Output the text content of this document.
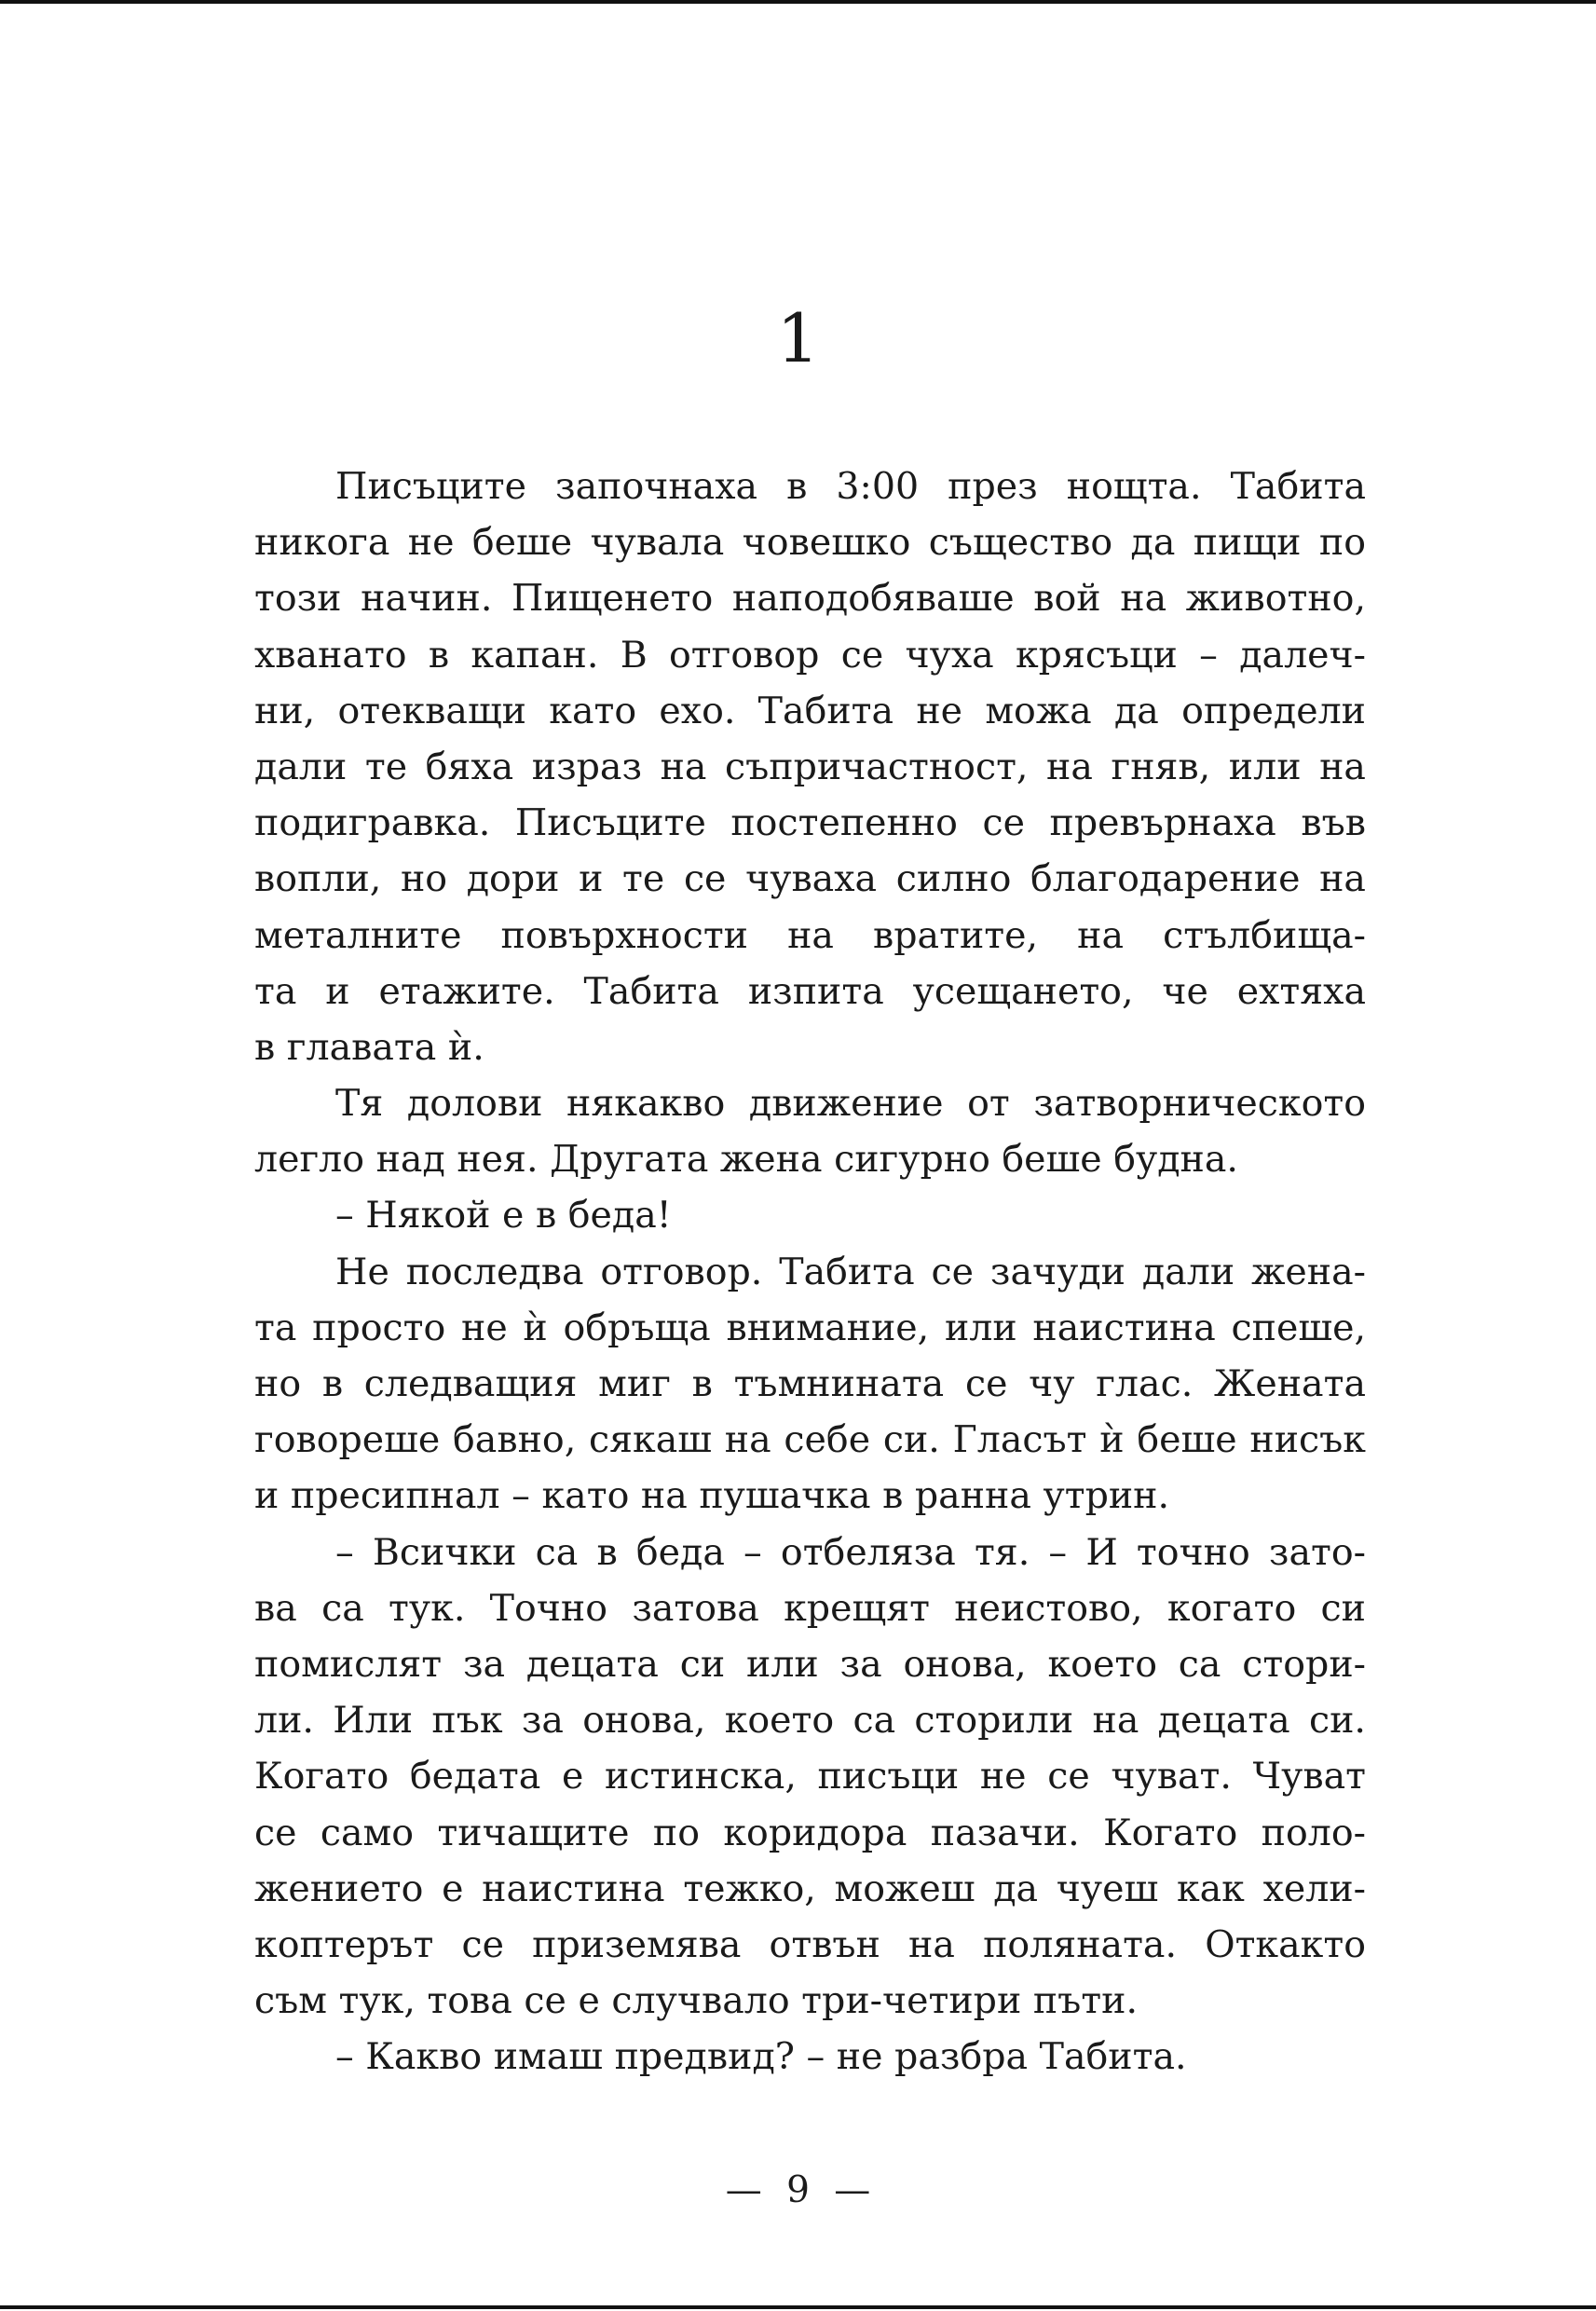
1
Писъците започнаха в 3:00 през нощта. Табита
никога не беше чувала човешко същество да пищи по
този начин. Пищенето наподобяваше вой на животно,
хванато в капан. В отговор се чуха крясъци – далеч-
ни, отекващи като ехо. Табита не можа да определи
дали те бяха израз на съпричастност, на гняв, или на
подигравка. Писъците постепенно се превърнаха във
вопли, но дори и те се чуваха силно благодарение на
металните повърхности на вратите, на стълбища-
та и етажите. Табита изпита усещането, че ехтяха
в главата ѝ.
Тя долови някакво движение от затворническото
легло над нея. Другата жена сигурно беше будна.
– Някой е в беда!
Не последва отговор. Табита се зачуди дали жена-
та просто не ѝ обръща внимание, или наистина спеше,
но в следващия миг в тъмнината се чу глас. Жената
говореше бавно, сякаш на себе си. Гласът ѝ беше нисък
и пресипнал – като на пушачка в ранна утрин.
– Всички са в беда – отбеляза тя. – И точно зато-
ва са тук. Точно затова крещят неистово, когато си
помислят за децата си или за онова, което са стори-
ли. Или пък за онова, което са сторили на децата си.
Когато бедата е истинска, писъци не се чуват. Чуват
се само тичащите по коридора пазачи. Когато поло-
жението е наистина тежко, можеш да чуеш как хели-
коптерът се приземява отвън на поляната. Откакто
съм тук, това се е случвало три-четири пъти.
– Какво имаш предвид? – не разбра Табита.
— 9 —
